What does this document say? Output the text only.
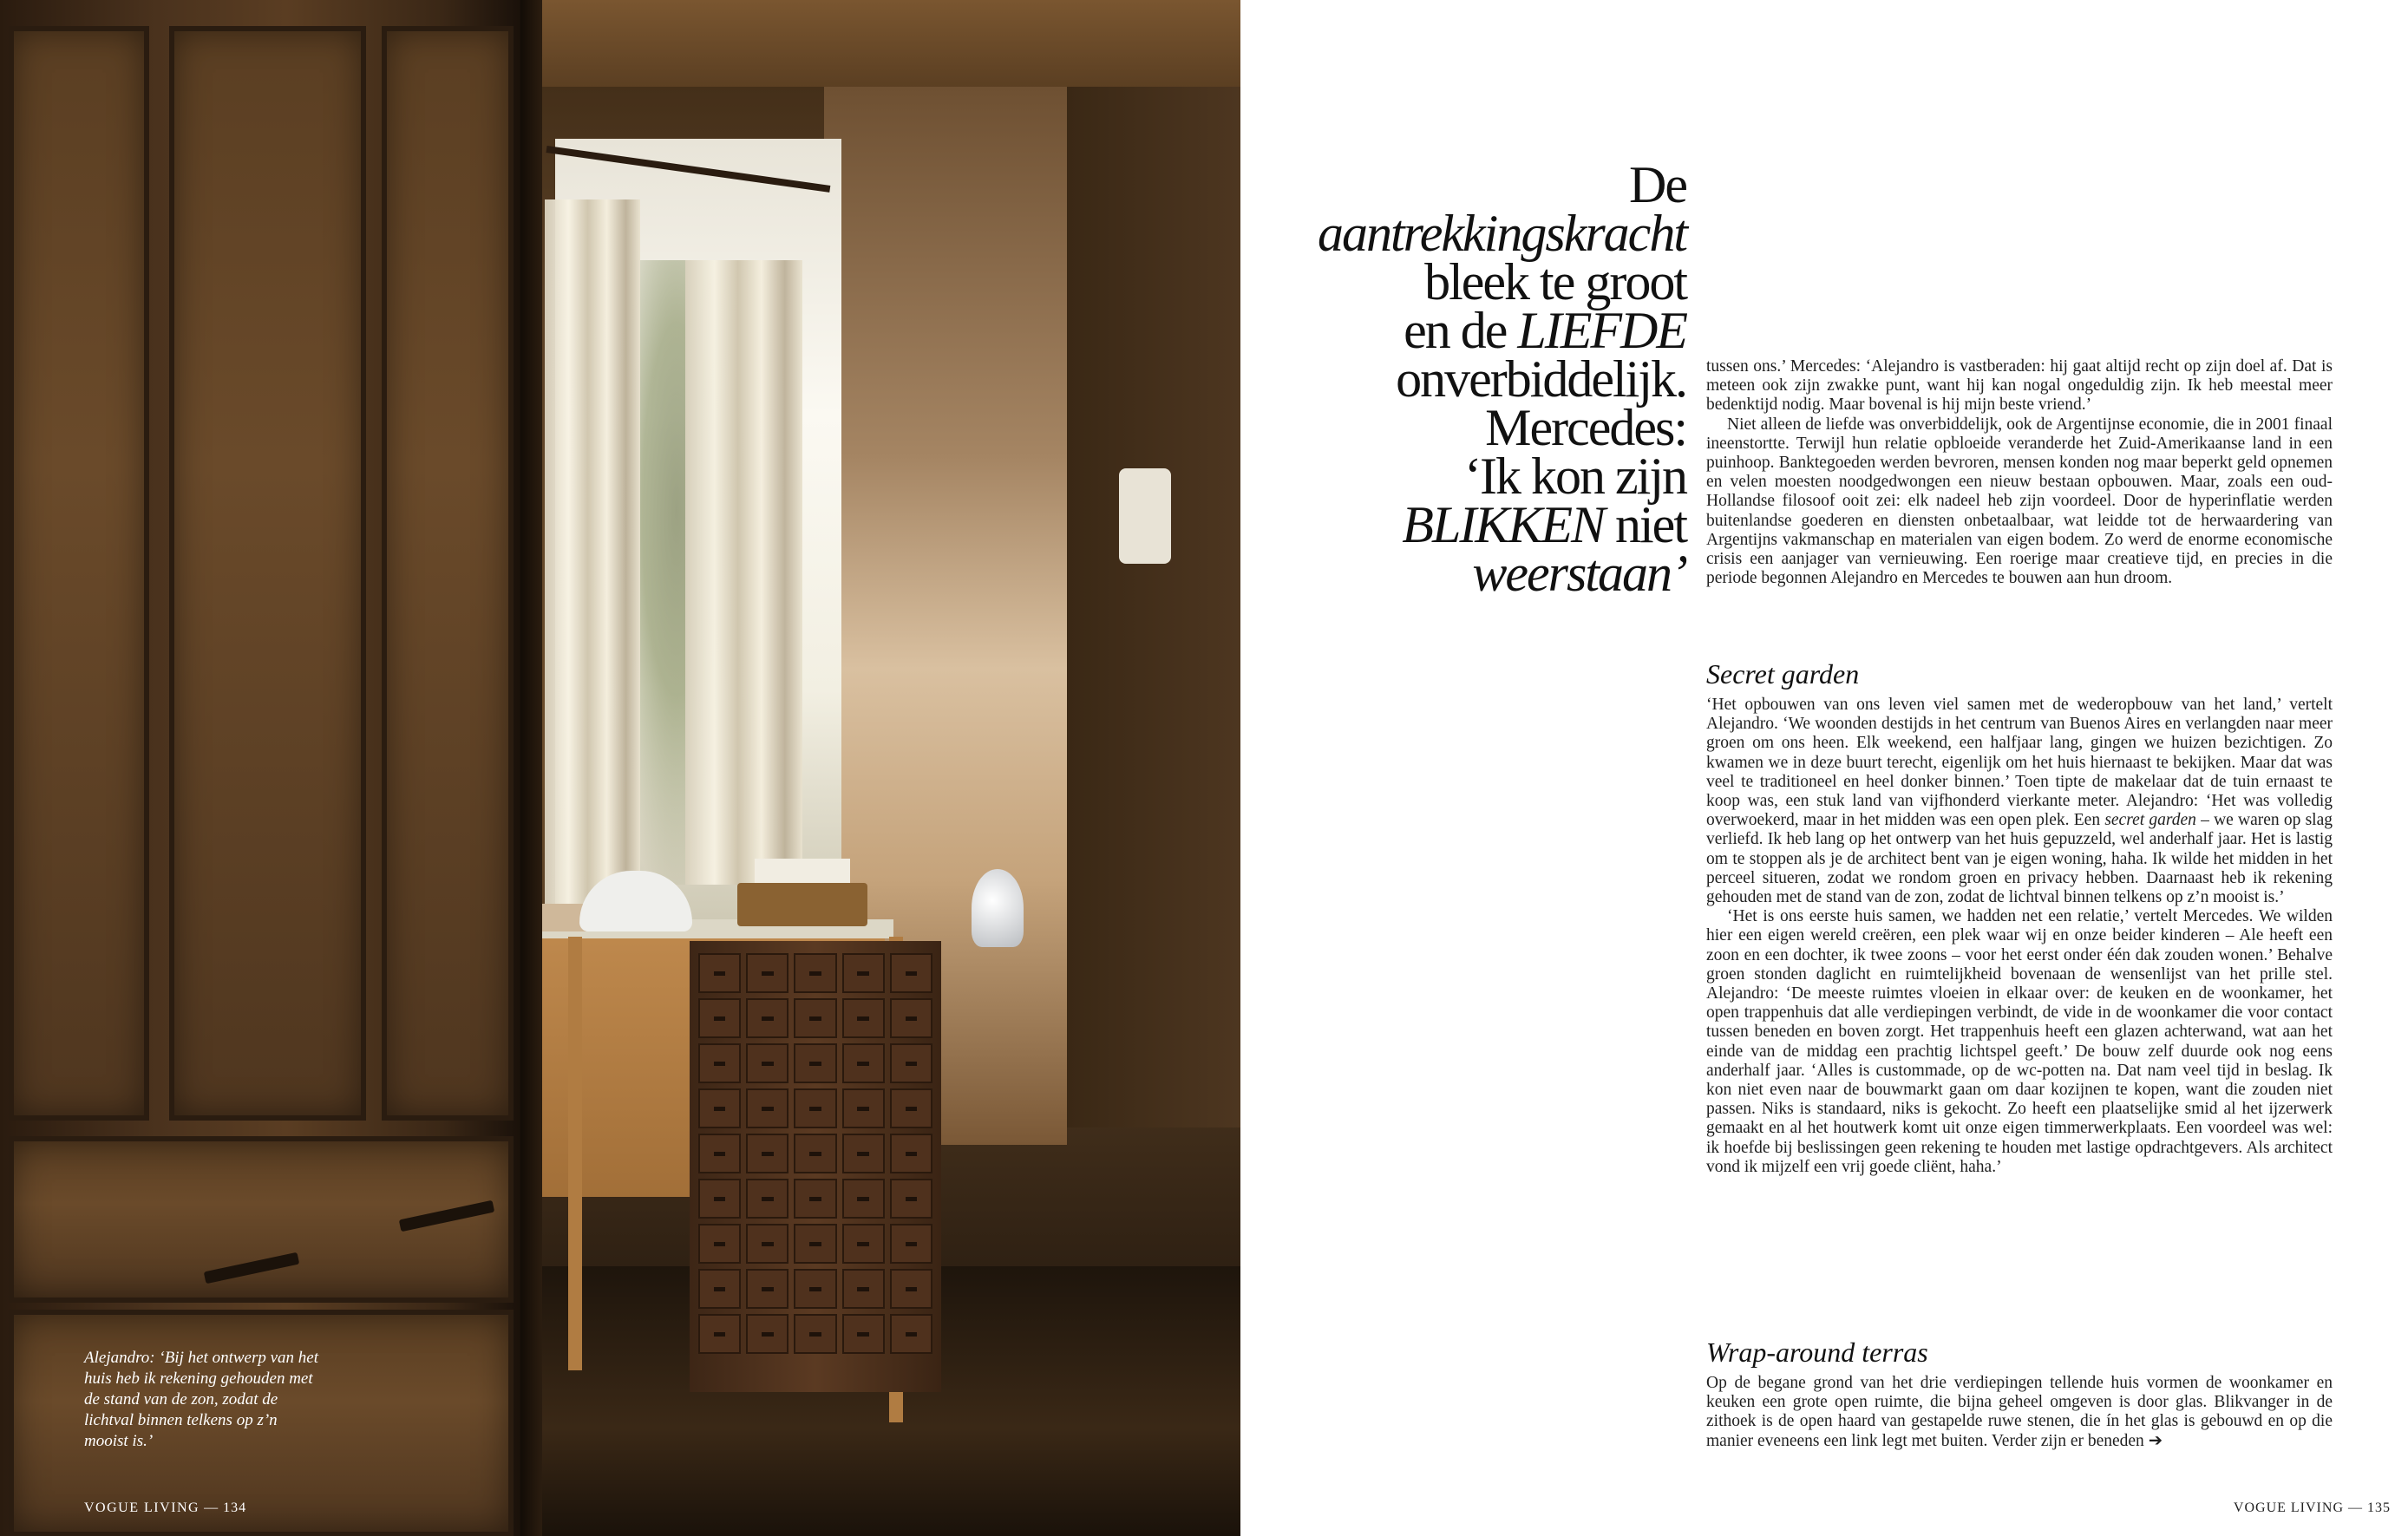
Alejandro: ‘Bij het ontwerp van het huis heb ik rekening gehouden met de stand van de zon, zodat de lichtval binnen telkens op z’n mooist is.’
VOGUE LIVING — 134
De
aantrekkingskracht
bleek te groot
en de LIEFDE
onverbiddelijk.
Mercedes:
‘Ik kon zijn
BLIKKEN niet
weerstaan’

tussen ons.’ Mercedes: ‘Alejandro is vastberaden: hij gaat altijd recht op zijn doel af. Dat is meteen ook zijn zwakke punt, want hij kan nogal ongeduldig zijn. Ik heb meestal meer bedenktijd nodig. Maar bovenal is hij mijn beste vriend.’

Niet alleen de liefde was onverbiddelijk, ook de Argentijnse economie, die in 2001 finaal ineenstortte. Terwijl hun relatie opbloeide veranderde het Zuid-Amerikaanse land in een puinhoop. Banktegoeden werden bevroren, mensen konden nog maar beperkt geld opnemen en velen moesten noodgedwongen een nieuw bestaan opbouwen. Maar, zoals een oud-Hollandse filosoof ooit zei: elk nadeel heb zijn voordeel. Door de hyperinflatie werden buitenlandse goederen en diensten onbetaalbaar, wat leidde tot de herwaardering van Argentijns vakmanschap en materialen van eigen bodem. Zo werd de enorme economische crisis een aanjager van vernieuwing. Een roerige maar creatieve tijd, en precies in die periode begonnen Alejandro en Mercedes te bouwen aan hun droom.

Secret garden

‘Het opbouwen van ons leven viel samen met de wederopbouw van het land,’ vertelt Alejandro. ‘We woonden destijds in het centrum van Buenos Aires en verlangden naar meer groen om ons heen. Elk weekend, een halfjaar lang, gingen we huizen bezichtigen. Zo kwamen we in deze buurt terecht, eigenlijk om het huis hiernaast te bekijken. Maar dat was veel te traditioneel en heel donker binnen.’ Toen tipte de makelaar dat de tuin ernaast te koop was, een stuk land van vijfhonderd vierkante meter. Alejandro: ‘Het was volledig overwoekerd, maar in het midden was een open plek. Een secret garden – we waren op slag verliefd. Ik heb lang op het ontwerp van het huis gepuzzeld, wel anderhalf jaar. Het is lastig om te stoppen als je de architect bent van je eigen woning, haha. Ik wilde het midden in het perceel situeren, zodat we rondom groen en privacy hebben. Daarnaast heb ik rekening gehouden met de stand van de zon, zodat de lichtval binnen telkens op z’n mooist is.’

‘Het is ons eerste huis samen, we hadden net een relatie,’ vertelt Mercedes. We wilden hier een eigen wereld creëren, een plek waar wij en onze beider kinderen – Ale heeft een zoon en een dochter, ik twee zoons – voor het eerst onder één dak zouden wonen.’ Behalve groen stonden daglicht en ruimtelijkheid bovenaan de wensenlijst van het prille stel. Alejandro: ‘De meeste ruimtes vloeien in elkaar over: de keuken en de woonkamer, het open trappenhuis dat alle verdiepingen verbindt, de vide in de woonkamer die voor contact tussen beneden en boven zorgt. Het trappenhuis heeft een glazen achterwand, wat aan het einde van de middag een prachtig lichtspel geeft.’ De bouw zelf duurde ook nog eens anderhalf jaar. ‘Alles is custommade, op de wc-potten na. Dat nam veel tijd in beslag. Ik kon niet even naar de bouwmarkt gaan om daar kozijnen te kopen, want die zouden niet passen. Niks is standaard, niks is gekocht. Zo heeft een plaatselijke smid al het ijzerwerk gemaakt en al het houtwerk komt uit onze eigen timmerwerkplaats. Een voordeel was wel: ik hoefde bij beslissingen geen rekening te houden met lastige opdrachtgevers. Als architect vond ik mijzelf een vrij goede cliënt, haha.’

Wrap-around terras

Op de begane grond van het drie verdiepingen tellende huis vormen de woonkamer en keuken een grote open ruimte, die bijna geheel omgeven is door glas. Blikvanger in de zithoek is de open haard van gestapelde ruwe stenen, die ín het glas is gebouwd en op die manier eveneens een link legt met buiten. Verder zijn er beneden ➔

VOGUE LIVING — 135
